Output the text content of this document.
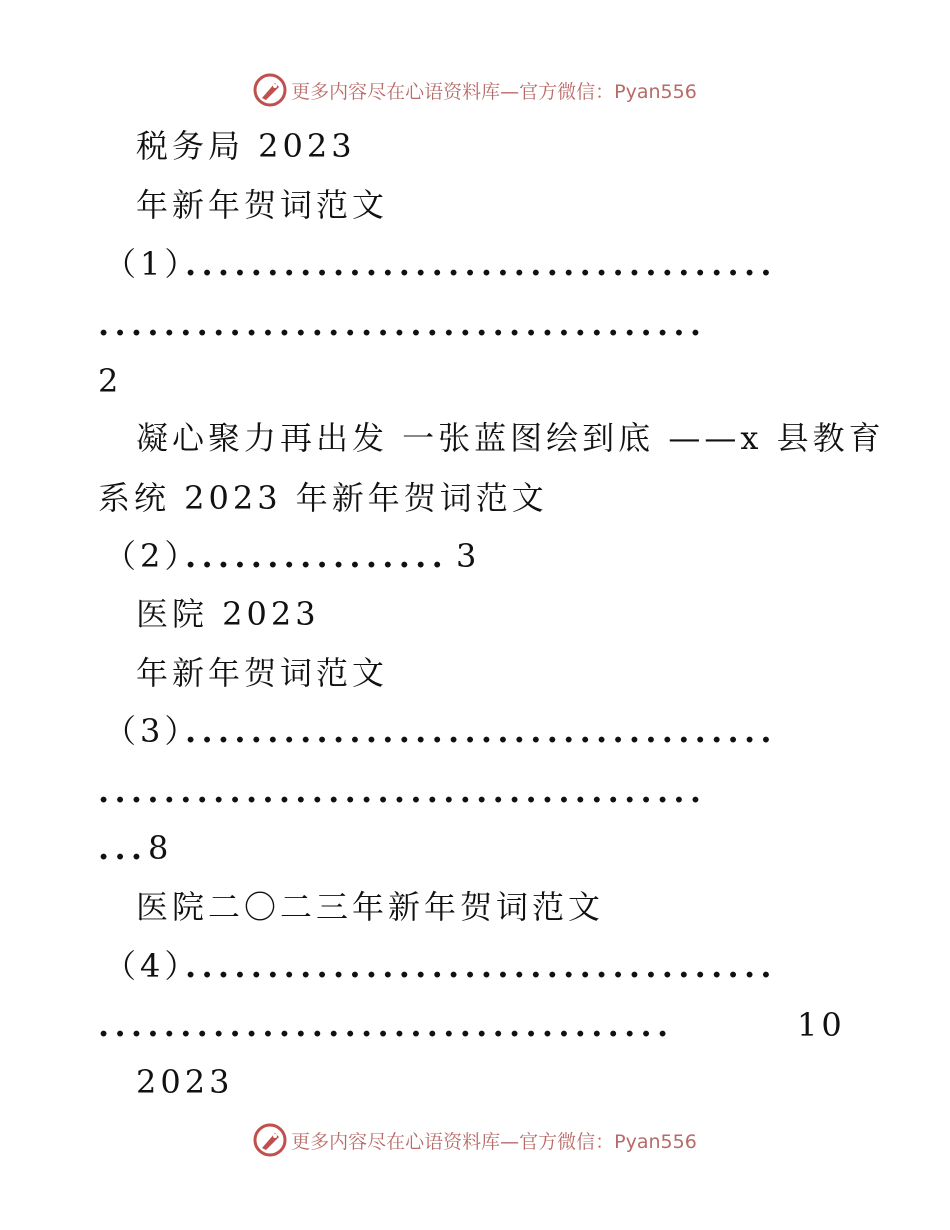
更多内容尽在心语资料库—官方微信：Pyan556
税务局 2023
年新年贺词范文
（1）
....................................
.....................................
2
凝心聚力再出发 一张蓝图绘到底 ——x 县教育
系统 2023 年新年贺词范文
（2）
................ 3
医院 2023
年新年贺词范文
（3）
....................................
.....................................
... 8
医院二〇二三年新年贺词范文
（4）
....................................
...................................	10
2023
更多内容尽在心语资料库—官方微信：Pyan556
